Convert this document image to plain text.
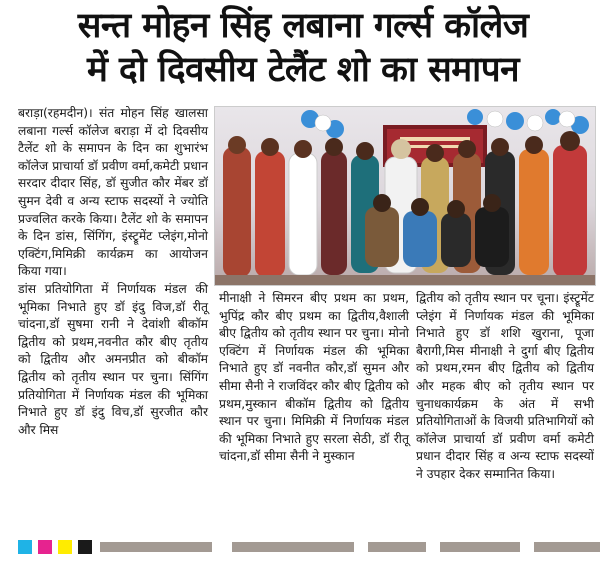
सन्त मोहन सिंह लबाना गर्ल्स कॉलेज
में दो दिवसीय टेलैंट शो का समापन

बराड़ा(रहमदीन)। संत मोहन सिंह खालसा लबाना गर्ल्स कॉलेज बराड़ा में दो दिवसीय टैलेंट शो के समापन के दिन का शुभारंभ कॉलेज प्राचार्या डॉ प्रवीण वर्मा,कमेटी प्रधान सरदार दीदार सिंह, डॉ सुजीत कौर मेंबर डॉ सुमन देवी व अन्य स्टाफ सदस्यों ने ज्योति प्रज्वलित करके किया। टैलेंट शो के समापन के दिन डांस, सिंगिंग, इंस्ट्रूमेंट प्लेइंग,मोनो एक्टिंग,मिमिक्री कार्यक्रम का आयोजन किया गया।

डांस प्रतियोगिता में निर्णायक मंडल की भूमिका निभाते हुए डॉ इंदु विज,डॉ रीतू चांदना,डॉ सुषमा रानी ने देवांशी बीकॉम द्वितीय को प्रथम,नवनीत कौर बीए तृतीय को द्वितीय और अमनप्रीत को बीकॉम द्वितीय को तृतीय स्थान पर चुना। सिंगिंग प्रतियोगिता में निर्णायक मंडल की भूमिका निभाते हुए डॉ इंदु विच,डॉ सुरजीत कौर और मिस

मीनाक्षी ने सिमरन बीए प्रथम का प्रथम, भुपिंद्र कौर बीए प्रथम का द्वितीय,वैशाली बीए द्वितीय को तृतीय स्थान पर चुना। मोनो एक्टिंग में निर्णायक मंडल की भूमिका निभाते हुए डॉ नवनीत कौर,डॉ सुमन और सीमा सैनी ने राजविंदर कौर बीए द्वितीय को प्रथम,मुस्कान बीकॉम द्वितीय को द्वितीय स्थान पर चुना। मिमिक्री में निर्णायक मंडल की भूमिका निभाते हुए सरला सेठी, डॉ रीतू चांदना,डॉ सीमा सैनी ने मुस्कान

द्वितीय को तृतीय स्थान पर चूना। इंस्ट्रूमेंट प्लेइंग में निर्णायक मंडल की भूमिका निभाते हुए डॉ शशि खुराना, पूजा बैरागी,मिस मीनाक्षी ने दुर्गा बीए द्वितीय को प्रथम,रमन बीए द्वितीय को द्वितीय और महक बीए को तृतीय स्थान पर चुनाधकार्यक्रम के अंत में सभी प्रतियोगिताओं के विजयी प्रतिभागियों को कॉलेज प्राचार्या डॉ प्रवीण वर्मा कमेटी प्रधान दीदार सिंह व अन्य स्टाफ सदस्यों ने उपहार देकर सम्मानित किया।
